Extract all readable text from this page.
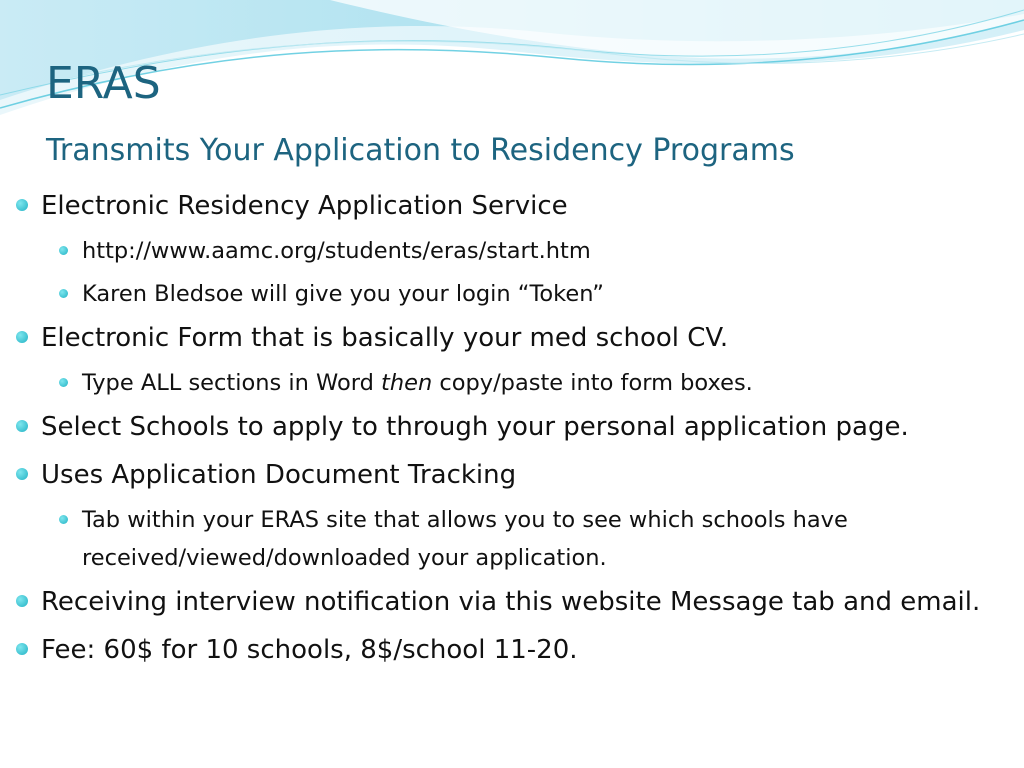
ERAS
Transmits Your Application to Residency Programs
Electronic Residency Application Service
http://www.aamc.org/students/eras/start.htm
Karen Bledsoe will give you your login “Token”
Electronic Form that is basically your med school CV.
Type ALL sections in Word then copy/paste into form boxes.
Select Schools to apply to through your personal application page.
Uses Application Document Tracking
Tab within your ERAS site that allows you to see which schools have received/viewed/downloaded your application.
Receiving interview notification via this website Message tab and email.
Fee: 60$ for 10 schools, 8$/school 11-20.
